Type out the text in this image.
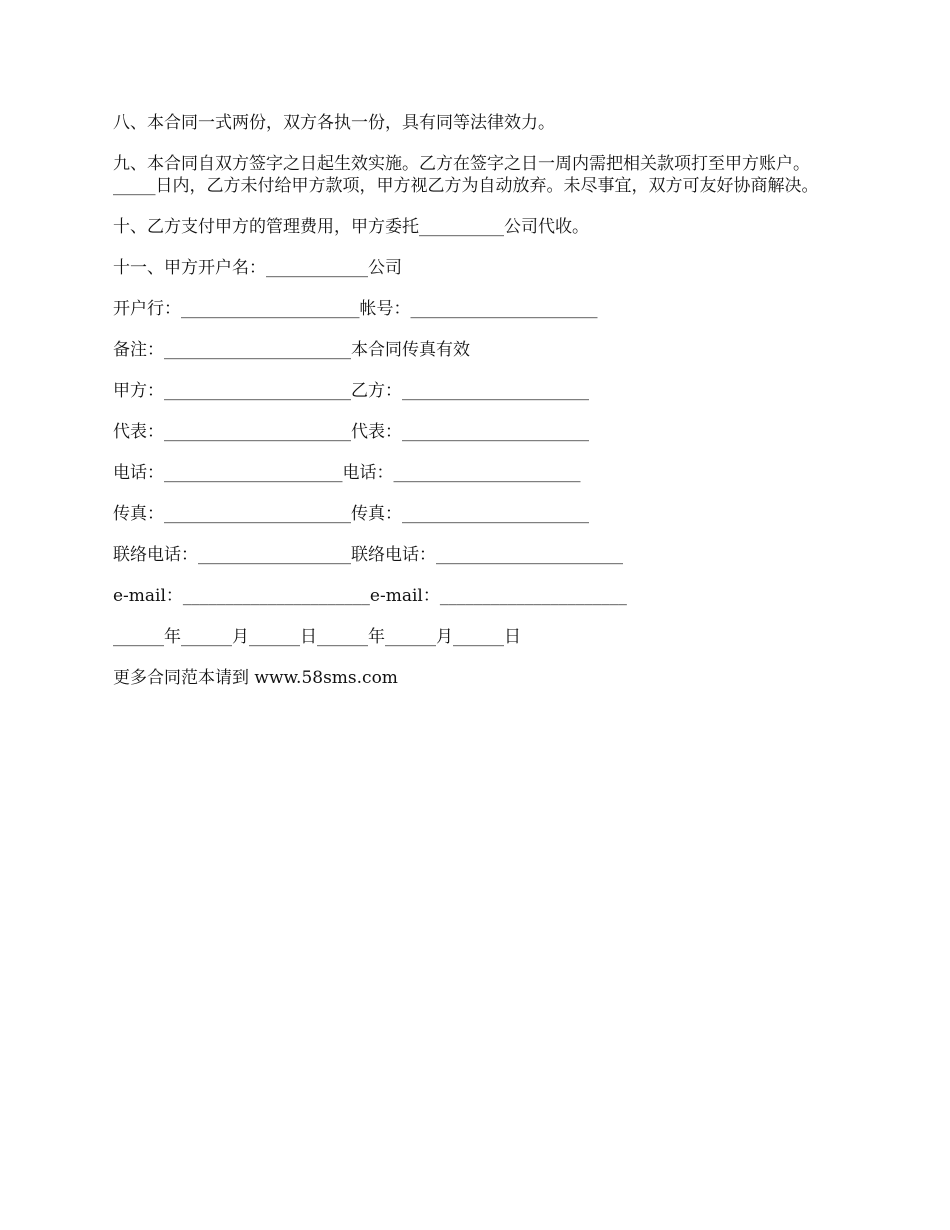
八、本合同一式两份，双方各执一份，具有同等法律效力。

九、本合同自双方签字之日起生效实施。乙方在签字之日一周内需把相关款项打至甲方账户。_____日内，乙方未付给甲方款项，甲方视乙方为自动放弃。未尽事宜，双方可友好协商解决。

十、乙方支付甲方的管理费用，甲方委托__________公司代收。

十一、甲方开户名：____________公司

开户行：_____________________帐号：______________________

备注：______________________本合同传真有效

甲方：______________________乙方：______________________

代表：______________________代表：______________________

电话：_____________________电话：______________________

传真：______________________传真：______________________

联络电话：__________________联络电话：______________________

e-mail：______________________e-mail：______________________

______年______月______日______年______月______日

更多合同范本请到 www.58sms.com
